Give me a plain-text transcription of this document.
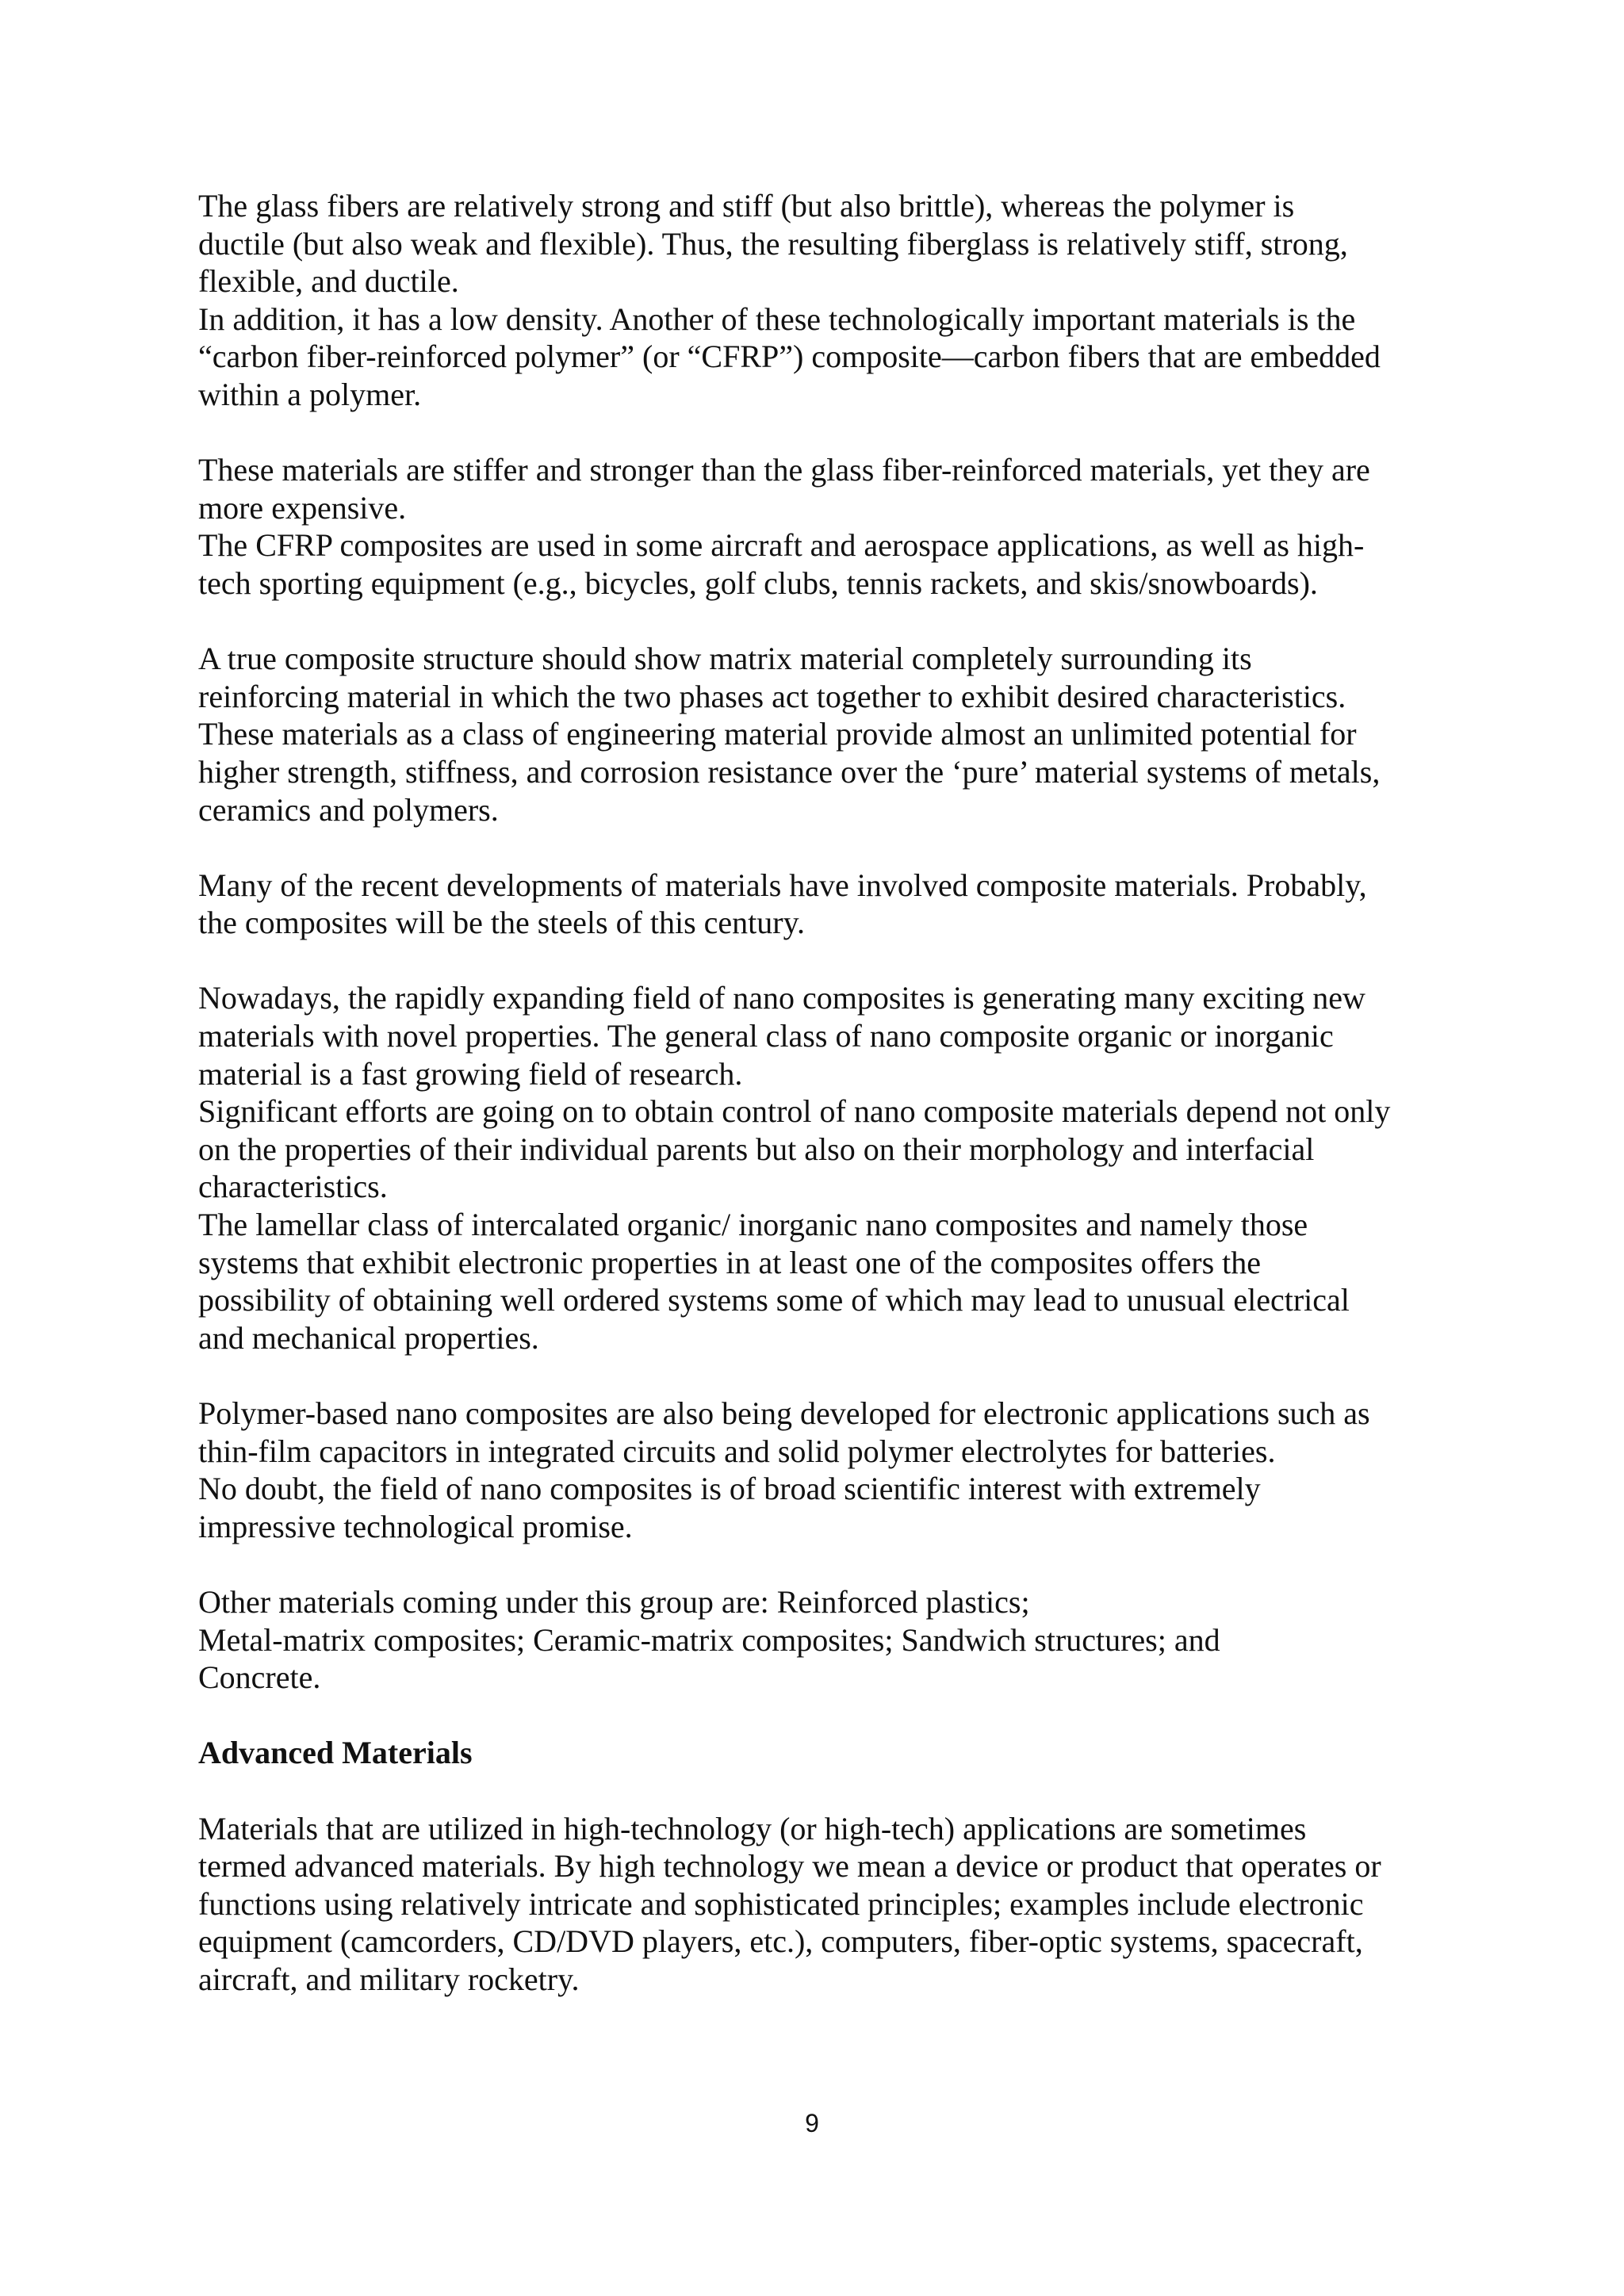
The glass fibers are relatively strong and stiff (but also brittle), whereas the polymer is
ductile (but also weak and flexible). Thus, the resulting fiberglass is relatively stiff, strong,
flexible, and ductile.
In addition, it has a low density. Another of these technologically important materials is the
“carbon fiber-reinforced polymer” (or “CFRP”) composite—carbon fibers that are embedded
within a polymer.

These materials are stiffer and stronger than the glass fiber-reinforced materials, yet they are
more expensive.
The CFRP composites are used in some aircraft and aerospace applications, as well as high-
tech sporting equipment (e.g., bicycles, golf clubs, tennis rackets, and skis/snowboards).

A true composite structure should show matrix material completely surrounding its
reinforcing material in which the two phases act together to exhibit desired characteristics.
These materials as a class of engineering material provide almost an unlimited potential for
higher strength, stiffness, and corrosion resistance over the ‘pure’ material systems of metals,
ceramics and polymers.

Many of the recent developments of materials have involved composite materials. Probably,
the composites will be the steels of this century.

Nowadays, the rapidly expanding field of nano composites is generating many exciting new
materials with novel properties. The general class of nano composite organic or inorganic
material is a fast growing field of research.
Significant efforts are going on to obtain control of nano composite materials depend not only
on the properties of their individual parents but also on their morphology and interfacial
characteristics.
The lamellar class of intercalated organic/ inorganic nano composites and namely those
systems that exhibit electronic properties in at least one of the composites offers the
possibility of obtaining well ordered systems some of which may lead to unusual electrical
and mechanical properties.

Polymer-based nano composites are also being developed for electronic applications such as
thin-film capacitors in integrated circuits and solid polymer electrolytes for batteries.
No doubt, the field of nano composites is of broad scientific interest with extremely
impressive technological promise.

Other materials coming under this group are: Reinforced plastics;
Metal-matrix composites; Ceramic-matrix composites; Sandwich structures; and
Concrete.

Advanced Materials

Materials that are utilized in high-technology (or high-tech) applications are sometimes
termed advanced materials. By high technology we mean a device or product that operates or
functions using relatively intricate and sophisticated principles; examples include electronic
equipment (camcorders, CD/DVD players, etc.), computers, fiber-optic systems, spacecraft,
aircraft, and military rocketry.

9
